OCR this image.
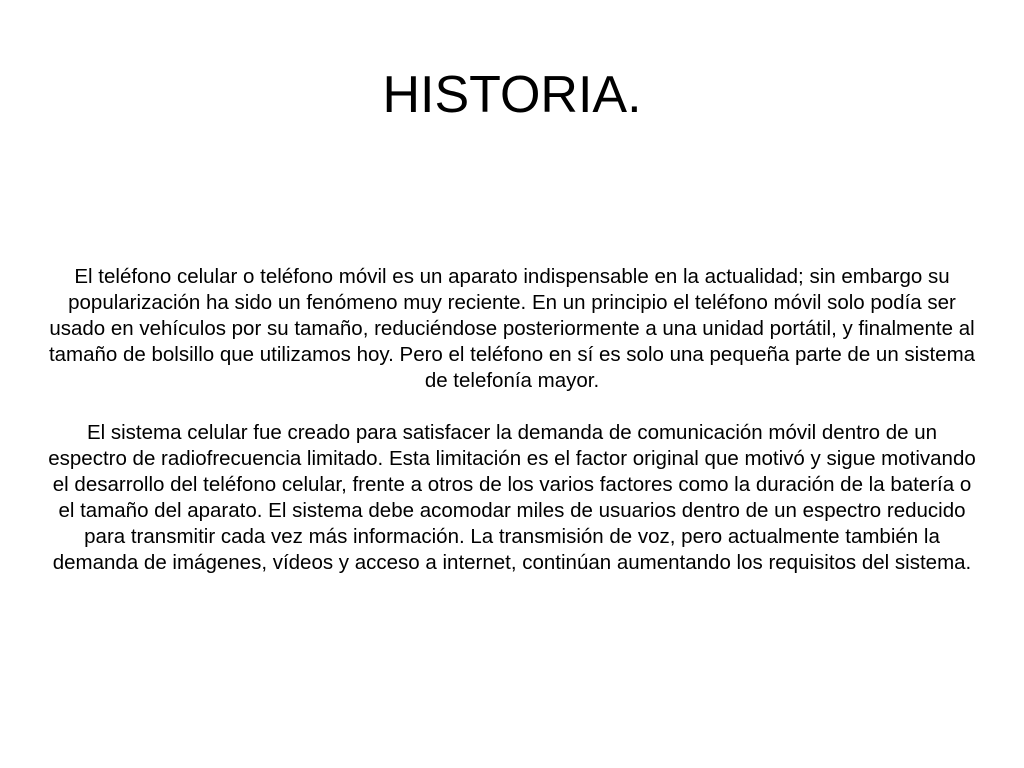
HISTORIA.

El teléfono celular o teléfono móvil es un aparato indispensable en la actualidad; sin embargo su popularización ha sido un fenómeno muy reciente. En un principio el teléfono móvil solo podía ser usado en vehículos por su tamaño, reduciéndose posteriormente a una unidad portátil, y finalmente al tamaño de bolsillo que utilizamos hoy. Pero el teléfono en sí es solo una pequeña parte de un sistema de telefonía mayor.

El sistema celular fue creado para satisfacer la demanda de comunicación móvil dentro de un espectro de radiofrecuencia limitado. Esta limitación es el factor original que motivó y sigue motivando el desarrollo del teléfono celular, frente a otros de los varios factores como la duración de la batería o el tamaño del aparato. El sistema debe acomodar miles de usuarios dentro de un espectro reducido para transmitir cada vez más información. La transmisión de voz, pero actualmente también la demanda de imágenes, vídeos y acceso a internet, continúan aumentando los requisitos del sistema.
